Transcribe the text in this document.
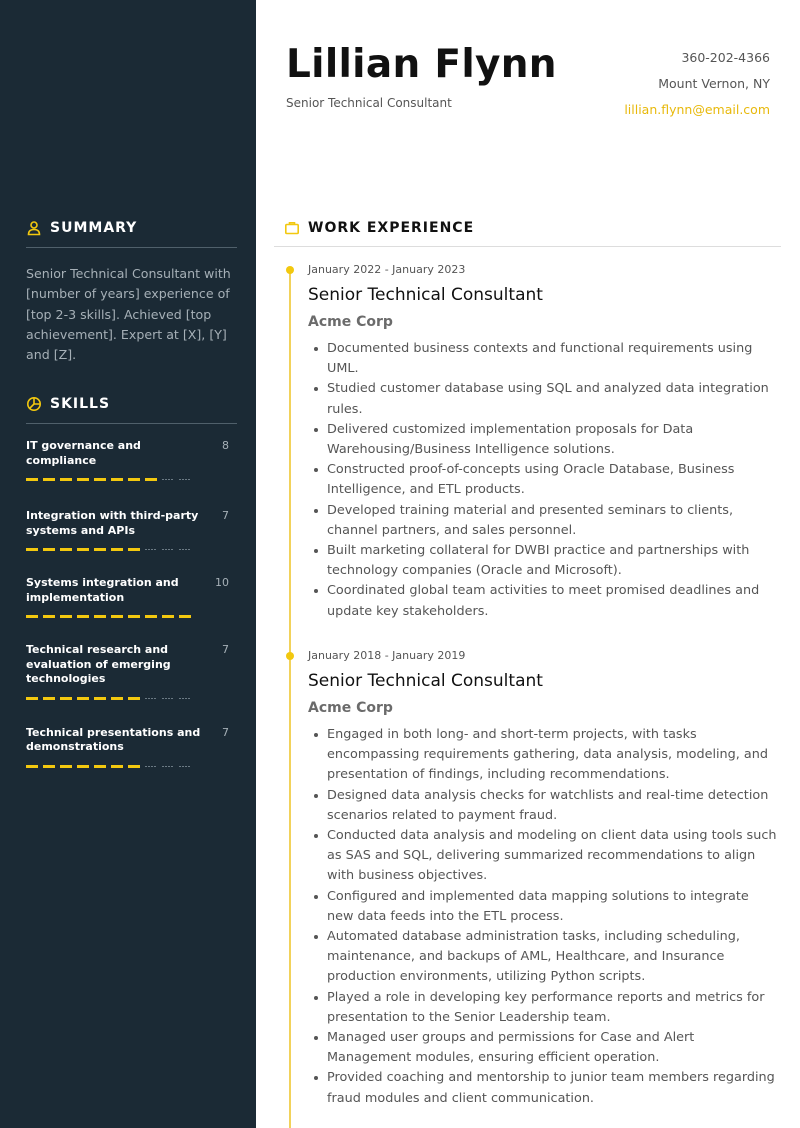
SUMMARY

Senior Technical Consultant with [number of years] experience of [top 2-3 skills]. Achieved [top achievement]. Expert at [X], [Y] and [Z].

SKILLS
IT governance and compliance
8
Integration with third-party systems and APIs
7
Systems integration and implementation
10
Technical research and evaluation of emerging technologies
7
Technical presentations and demonstrations
7
Lillian Flynn
Senior Technical Consultant
360-202-4366
Mount Vernon, NY
lillian.flynn@email.com
WORK EXPERIENCE
January 2022 - January 2023
Senior Technical Consultant
Acme Corp
Documented business contexts and functional requirements using UML.
Studied customer database using SQL and analyzed data integration rules.
Delivered customized implementation proposals for Data Warehousing/Business Intelligence solutions.
Constructed proof-of-concepts using Oracle Database, Business Intelligence, and ETL products.
Developed training material and presented seminars to clients, channel partners, and sales personnel.
Built marketing collateral for DWBI practice and partnerships with technology companies (Oracle and Microsoft).
Coordinated global team activities to meet promised deadlines and update key stakeholders.
January 2018 - January 2019
Senior Technical Consultant
Acme Corp
Engaged in both long- and short-term projects, with tasks encompassing requirements gathering, data analysis, modeling, and presentation of findings, including recommendations.
Designed data analysis checks for watchlists and real-time detection scenarios related to payment fraud.
Conducted data analysis and modeling on client data using tools such as SAS and SQL, delivering summarized recommendations to align with business objectives.
Configured and implemented data mapping solutions to integrate new data feeds into the ETL process.
Automated database administration tasks, including scheduling, maintenance, and backups of AML, Healthcare, and Insurance production environments, utilizing Python scripts.
Played a role in developing key performance reports and metrics for presentation to the Senior Leadership team.
Managed user groups and permissions for Case and Alert Management modules, ensuring efficient operation.
Provided coaching and mentorship to junior team members regarding fraud modules and client communication.
